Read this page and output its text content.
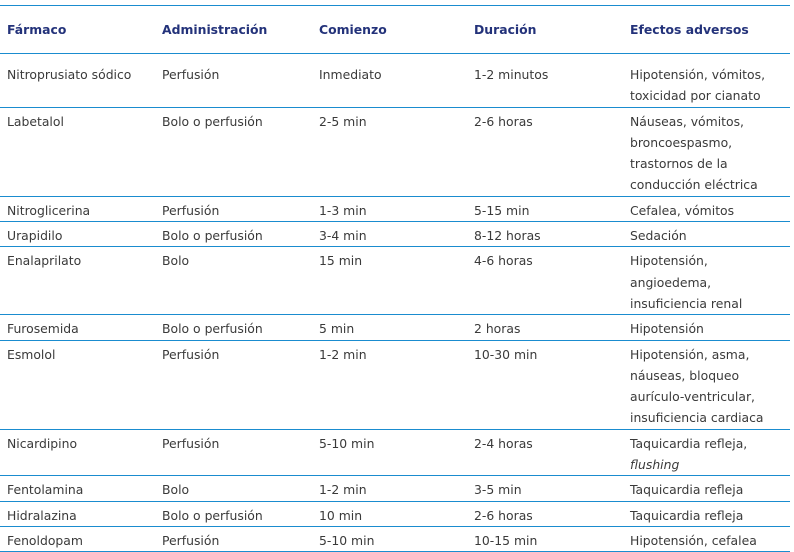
Fármaco	Administración	Comienzo	Duración	Efectos adversos
Nitroprusiato sódico	Perfusión	Inmediato	1-2 minutos	Hipotensión, vómitos,
toxicidad por cianato

Labetalol	Bolo o perfusión	2-5 min	2-6 horas	Náuseas, vómitos,
broncoespasmo,
trastornos de la
conducción eléctrica

Nitroglicerina	Perfusión	1-3 min	5-15 min	Cefalea, vómitos

Urapidilo	Bolo o perfusión	3-4 min	8-12 horas	Sedación

Enalaprilato	Bolo	15 min	4-6 horas	Hipotensión,
angioedema,
insuficiencia renal

Furosemida	Bolo o perfusión	5 min	2 horas	Hipotensión

Esmolol	Perfusión	1-2 min	10-30 min	Hipotensión, asma,
náuseas, bloqueo
aurículo-ventricular,
insuficiencia cardiaca

Nicardipino	Perfusión	5-10 min	2-4 horas	Taquicardia refleja,
flushing

Fentolamina	Bolo	1-2 min	3-5 min	Taquicardia refleja

Hidralazina	Bolo o perfusión	10 min	2-6 horas	Taquicardia refleja

Fenoldopam	Perfusión	5-10 min	10-15 min	Hipotensión, cefalea
